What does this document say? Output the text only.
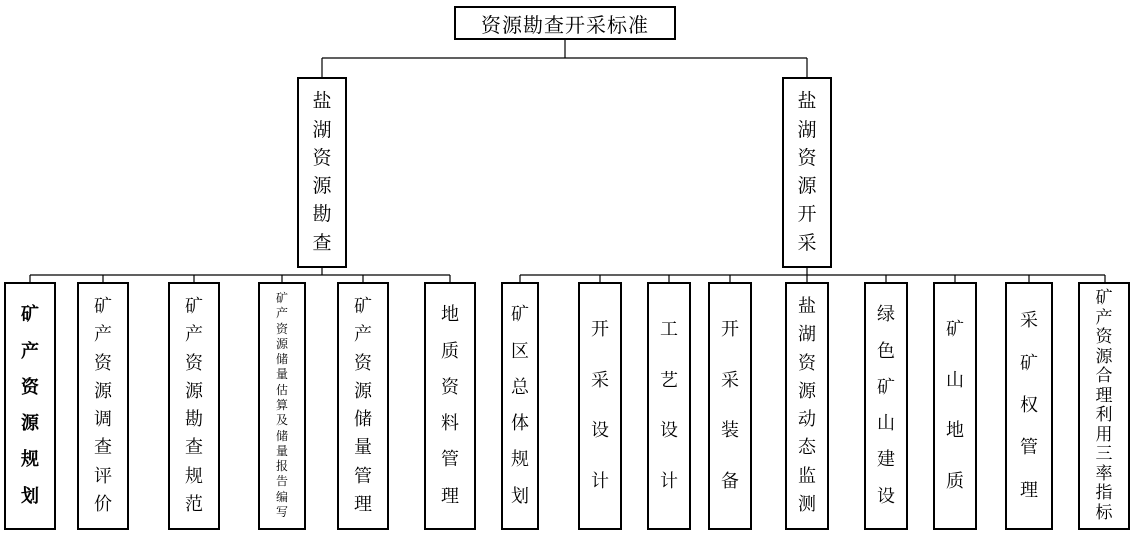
资源勘查开采标准
盐
湖
资
源
勘
查
盐
湖
资
源
开
采
矿
产
资
源
规
划
矿
产
资
源
调
查
评
价
矿
产
资
源
勘
查
规
范
矿
产
资
源
储
量
估
算
及
储
量
报
告
编
写
矿
产
资
源
储
量
管
理
地
质
资
料
管
理
矿
区
总
体
规
划
开
采
设
计
工
艺
设
计
开
采
装
备
盐
湖
资
源
动
态
监
测
绿
色
矿
山
建
设
矿
山
地
质
采
矿
权
管
理
矿
产
资
源
合
理
利
用
三
率
指
标
